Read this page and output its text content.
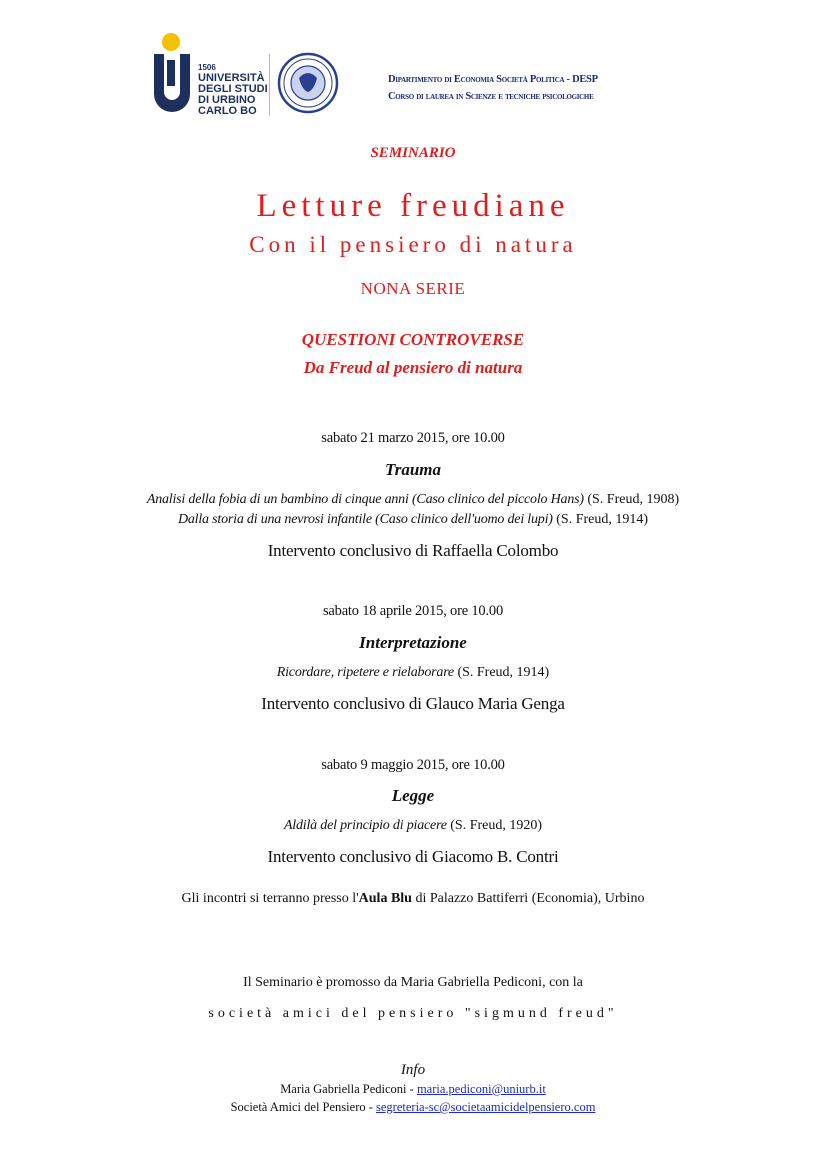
1506
UNIVERSITÀ
DEGLI STUDI
DI URBINO
CARLO BO

Dipartimento di Economia Società Politica - DESP
Corso di laurea in Scienze e tecniche psicologiche
SEMINARIO
Letture freudiane
Con il pensiero di natura
NONA SERIE
QUESTIONI CONTROVERSE
Da Freud al pensiero di natura
sabato 21 marzo 2015, ore 10.00
Trauma
Analisi della fobia di un bambino di cinque anni (Caso clinico del piccolo Hans) (S. Freud, 1908)
Dalla storia di una nevrosi infantile (Caso clinico dell'uomo dei lupi) (S. Freud, 1914)
Intervento conclusivo di Raffaella Colombo
sabato 18 aprile 2015, ore 10.00
Interpretazione
Ricordare, ripetere e rielaborare (S. Freud, 1914)
Intervento conclusivo di Glauco Maria Genga
sabato 9 maggio 2015, ore 10.00
Legge
Aldilà del principio di piacere (S. Freud, 1920)
Intervento conclusivo di Giacomo B. Contri
Gli incontri si terranno presso l'Aula Blu di Palazzo Battiferri (Economia), Urbino
Il Seminario è promosso da Maria Gabriella Pediconi, con la
società amici del pensiero "sigmund freud"
Info
Maria Gabriella Pediconi - maria.pediconi@uniurb.it
Società Amici del Pensiero - segreteria-sc@societaamicidelpensiero.com
